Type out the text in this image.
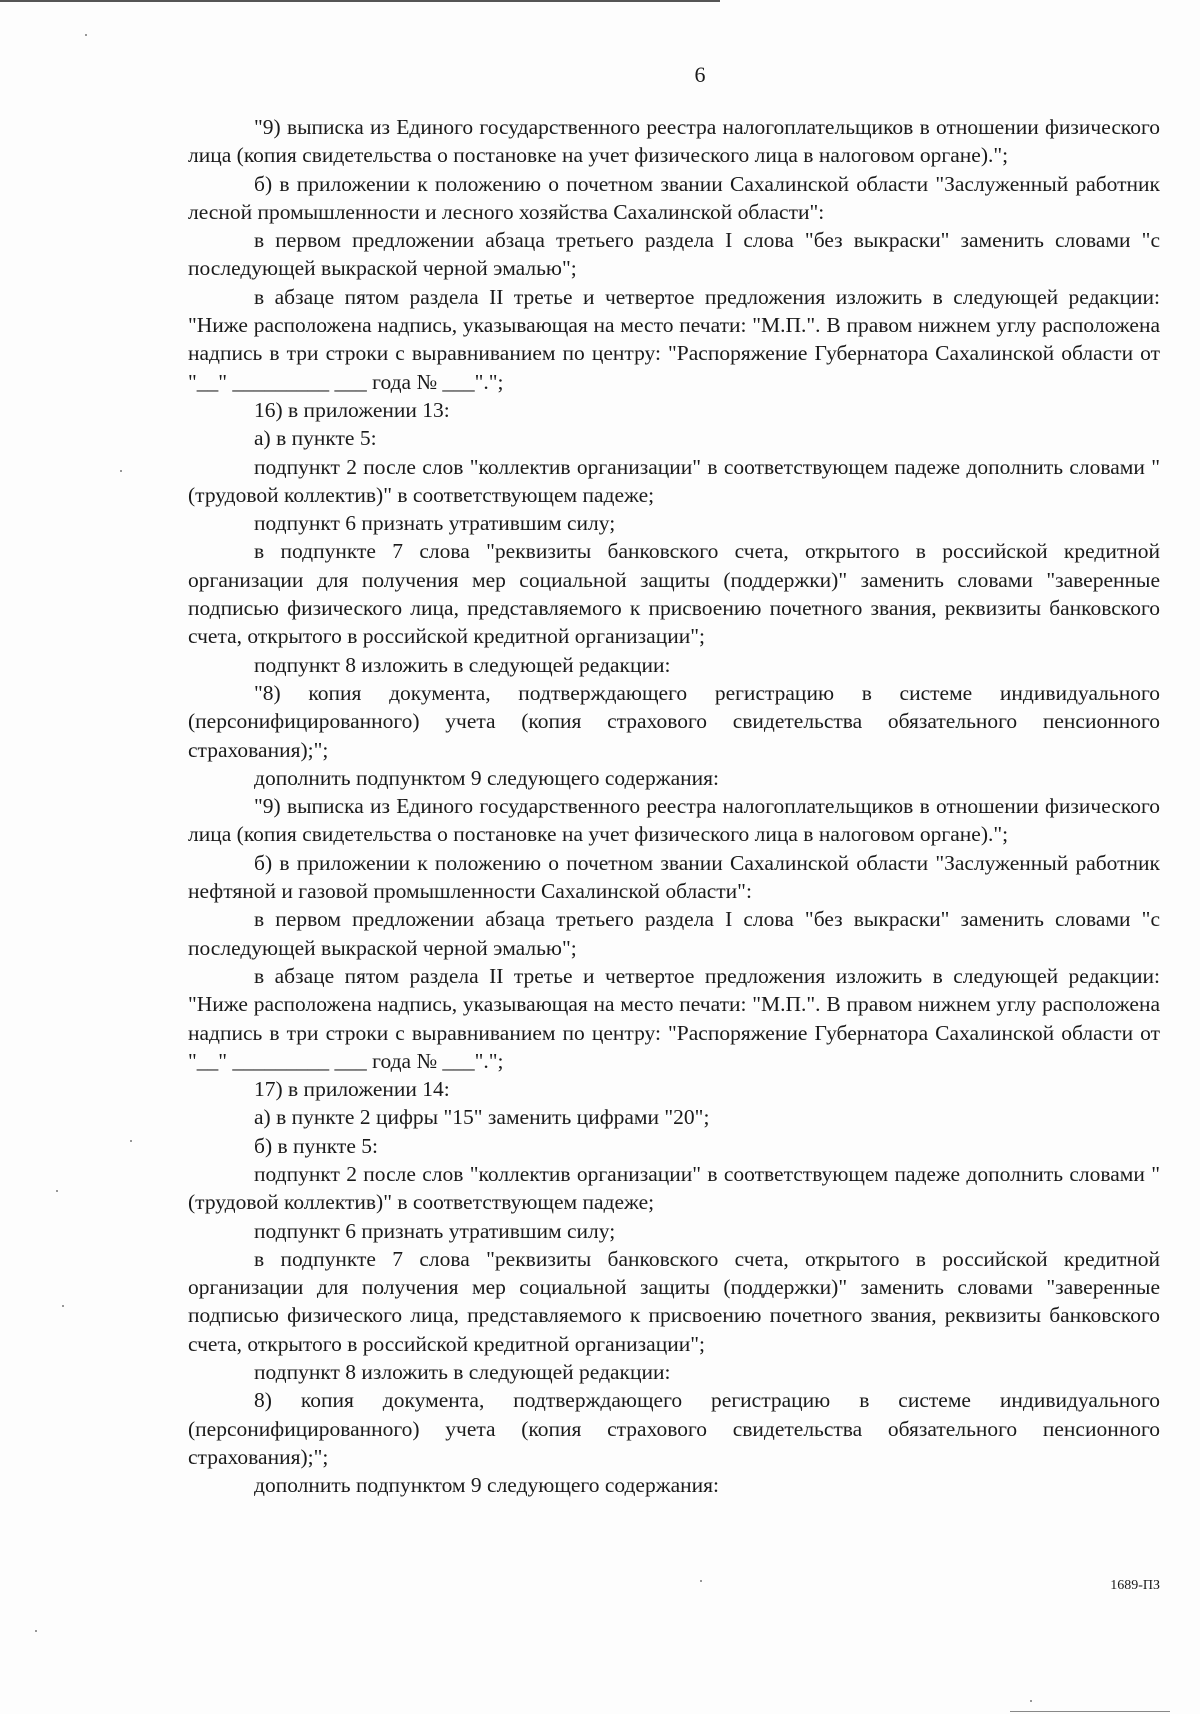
6

"9) выписка из Единого государственного реестра налогоплательщиков в отношении физического лица (копия свидетельства о постановке на учет физического лица в налоговом органе).";

б) в приложении к положению о почетном звании Сахалинской области "Заслуженный работник лесной промышленности и лесного хозяйства Сахалинской области":

в первом предложении абзаца третьего раздела I слова "без выкраски" заменить словами "с последующей выкраской черной эмалью";

в абзаце пятом раздела II третье и четвертое предложения изложить в следующей редакции: "Ниже расположена надпись, указывающая на место печати: "М.П.". В правом нижнем углу расположена надпись в три строки с выравниванием по центру: "Распоряжение Губернатора Сахалинской области от "__" _________ ___ года № ___".";

16) в приложении 13:

а) в пункте 5:

подпункт 2 после слов "коллектив организации" в соответствующем падеже дополнить словами "(трудовой коллектив)" в соответствующем падеже;

подпункт 6 признать утратившим силу;

в подпункте 7 слова "реквизиты банковского счета, открытого в российской кредитной организации для получения мер социальной защиты (поддержки)" заменить словами "заверенные подписью физического лица, представляемого к присвоению почетного звания, реквизиты банковского счета, открытого в российской кредитной организации";

подпункт 8 изложить в следующей редакции:

"8) копия документа, подтверждающего регистрацию в системе индивидуального (персонифицированного) учета (копия страхового свидетельства обязательного пенсионного страхования);";

дополнить подпунктом 9 следующего содержания:

"9) выписка из Единого государственного реестра налогоплательщиков в отношении физического лица (копия свидетельства о постановке на учет физического лица в налоговом органе).";

б) в приложении к положению о почетном звании Сахалинской области "Заслуженный работник нефтяной и газовой промышленности Сахалинской области":

в первом предложении абзаца третьего раздела I слова "без выкраски" заменить словами "с последующей выкраской черной эмалью";

в абзаце пятом раздела II третье и четвертое предложения изложить в следующей редакции: "Ниже расположена надпись, указывающая на место печати: "М.П.". В правом нижнем углу расположена надпись в три строки с выравниванием по центру: "Распоряжение Губернатора Сахалинской области от "__" _________ ___ года № ___".";

17) в приложении 14:

а) в пункте 2 цифры "15" заменить цифрами "20";

б) в пункте 5:

подпункт 2 после слов "коллектив организации" в соответствующем падеже дополнить словами "(трудовой коллектив)" в соответствующем падеже;

подпункт 6 признать утратившим силу;

в подпункте 7 слова "реквизиты банковского счета, открытого в российской кредитной организации для получения мер социальной защиты (поддержки)" заменить словами "заверенные подписью физического лица, представляемого к присвоению почетного звания, реквизиты банковского счета, открытого в российской кредитной организации";

подпункт 8 изложить в следующей редакции:

8) копия документа, подтверждающего регистрацию в системе индивидуального (персонифицированного) учета (копия страхового свидетельства обязательного пенсионного страхования);";

дополнить подпунктом 9 следующего содержания:

1689-ПЗ
